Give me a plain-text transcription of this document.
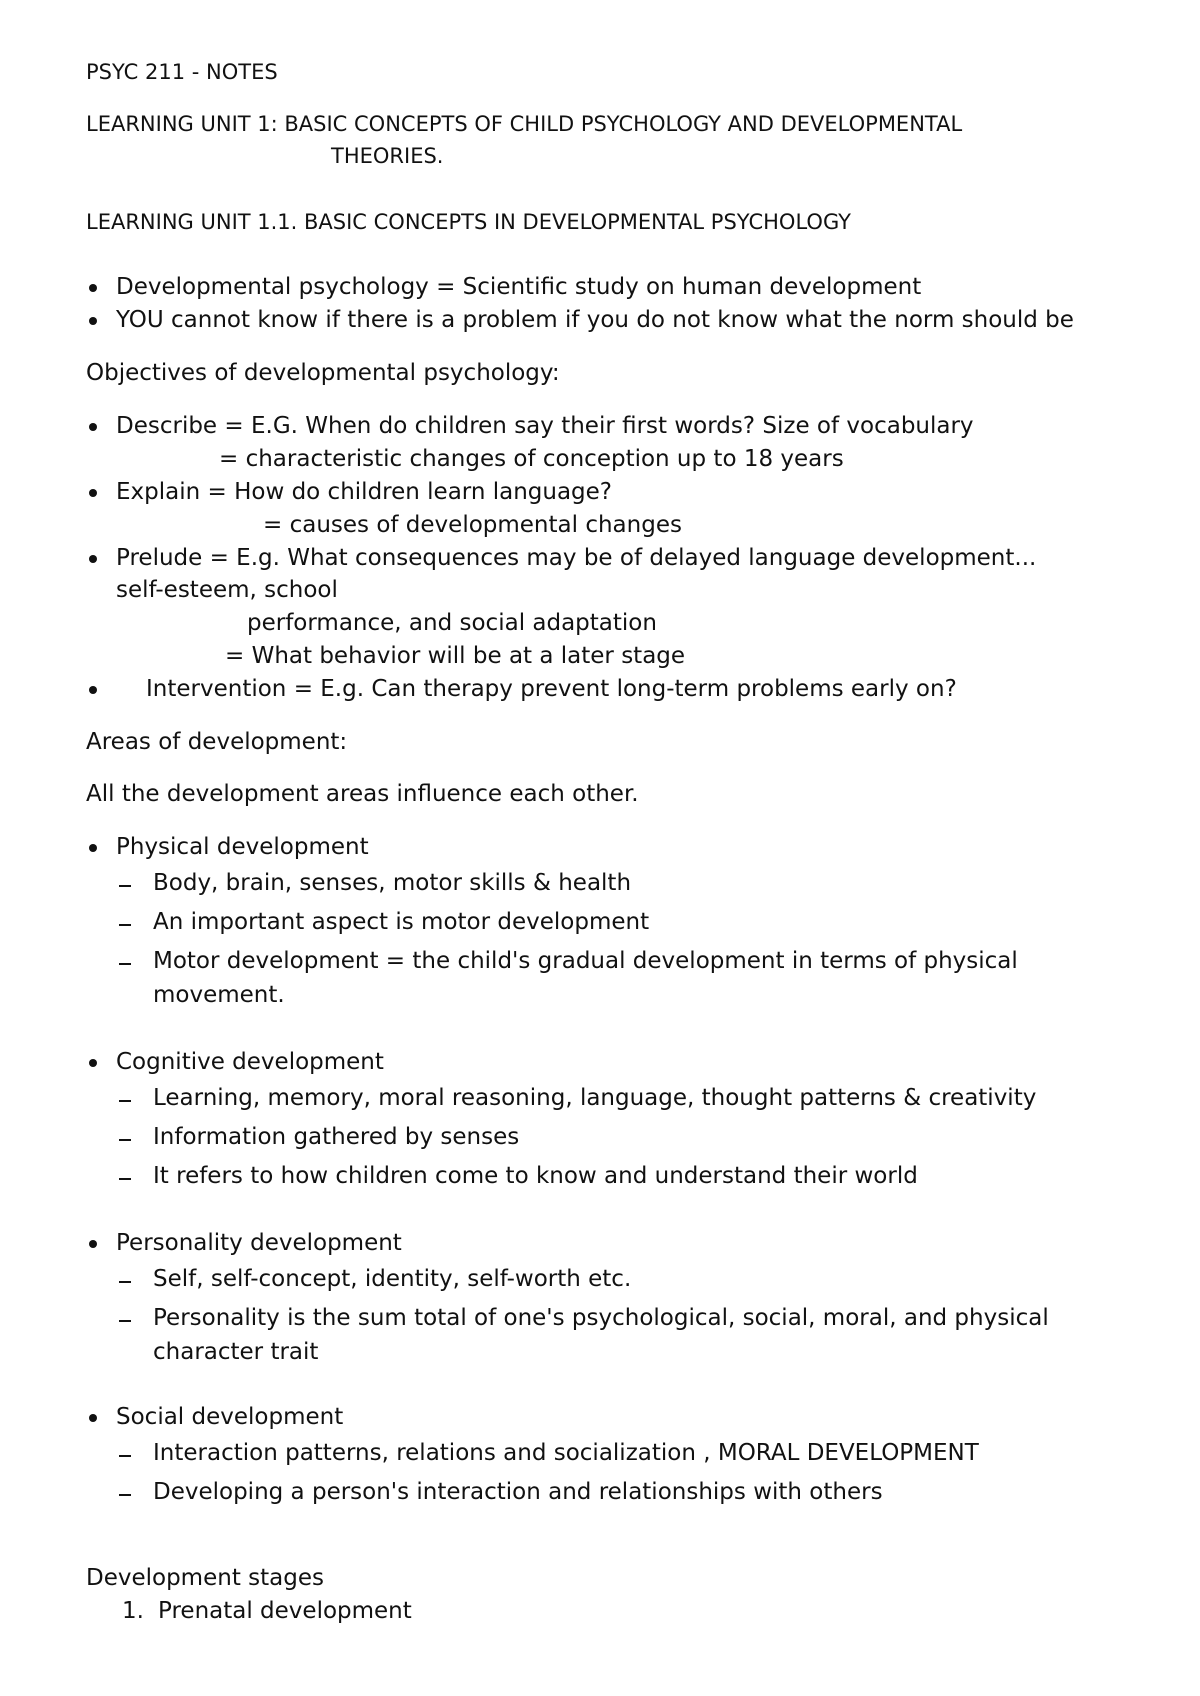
PSYC 211 - NOTES
LEARNING UNIT 1: BASIC CONCEPTS OF CHILD PSYCHOLOGY AND DEVELOPMENTAL
THEORIES.
LEARNING UNIT 1.1. BASIC CONCEPTS IN DEVELOPMENTAL PSYCHOLOGY
Developmental psychology = Scientific study on human development
YOU cannot know if there is a problem if you do not know what the norm should be
Objectives of developmental psychology:
Describe = E.G. When do children say their first words? Size of vocabulary
= characteristic changes of conception up to 18 years
Explain = How do children learn language?
= causes of developmental changes
Prelude = E.g. What consequences may be of delayed language development...
self-esteem, school
performance, and social adaptation
= What behavior will be at a later stage
Intervention = E.g. Can therapy prevent long-term problems early on?
Areas of development:
All the development areas influence each other.
Physical development
Body, brain, senses, motor skills & health
An important aspect is motor development
Motor development = the child's gradual development in terms of physical
movement.
Cognitive development
Learning, memory, moral reasoning, language, thought patterns & creativity
Information gathered by senses
It refers to how children come to know and understand their world
Personality development
Self, self-concept, identity, self-worth etc.
Personality is the sum total of one's psychological, social, moral, and physical
character trait
Social development
Interaction patterns, relations and socialization , MORAL DEVELOPMENT
Developing a person's interaction and relationships with others
Development stages
1. Prenatal development
